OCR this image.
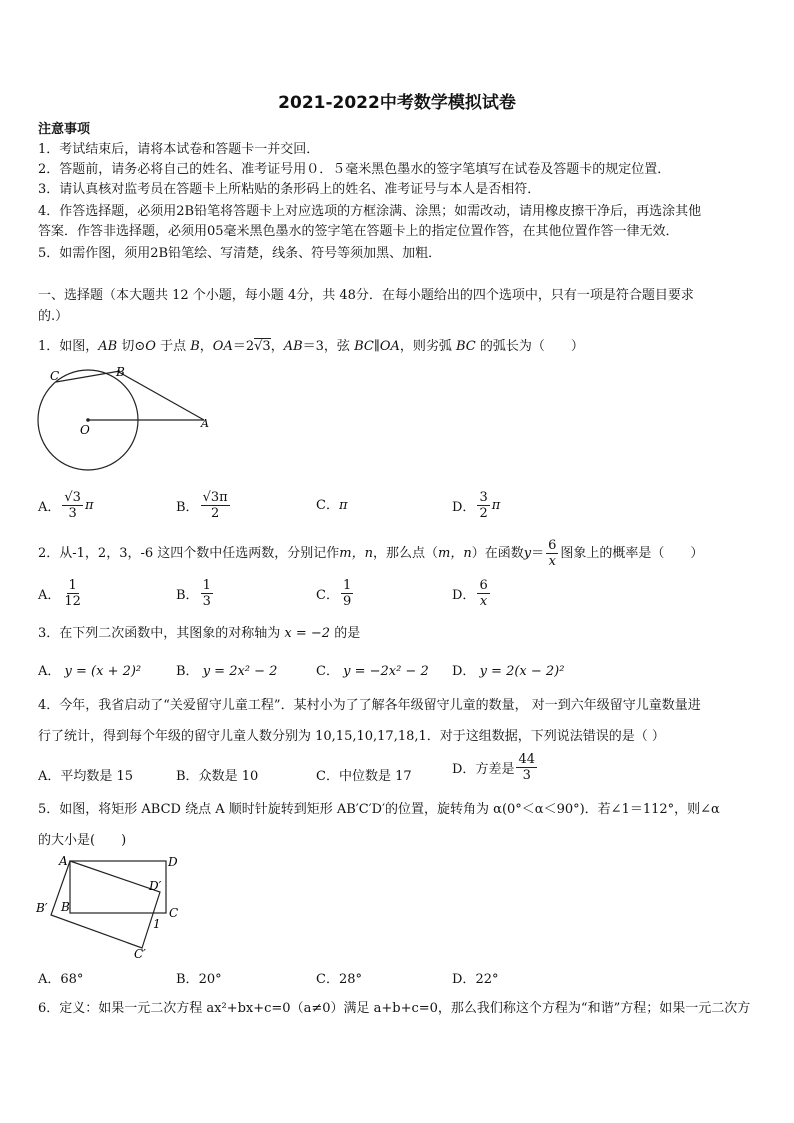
2021-2022中考数学模拟试卷
注意事项
1．考试结束后，请将本试卷和答题卡一并交回．
2．答题前，请务必将自己的姓名、准考证号用０．５毫米黑色墨水的签字笔填写在试卷及答题卡的规定位置．
3．请认真核对监考员在答题卡上所粘贴的条形码上的姓名、准考证号与本人是否相符．
4．作答选择题，必须用2B铅笔将答题卡上对应选项的方框涂满、涂黑；如需改动，请用橡皮擦干净后，再选涂其他
答案．作答非选择题，必须用05毫米黑色墨水的签字笔在答题卡上的指定位置作答，在其他位置作答一律无效．
5．如需作图，须用2B铅笔绘、写清楚，线条、符号等须加黑、加粗．
一、选择题（本大题共 12 个小题，每小题 4分，共 48分．在每小题给出的四个选项中，只有一项是符合题目要求
的.）
1．如图，AB 切⊙O 于点 B，OA＝2√3，AB＝3，弦 BC∥OA，则劣弧 BC 的弧长为（　　）
C	B
O	A
A． $\frac{√3}{3}$ π	B． $\frac{√3\pi}{2}$	C．π	D． $\frac{3}{2}$ π
2．从-1，2，3，-6 这四个数中任选两数，分别记作 m，n ，那么点（ m，n ）在函数 $y = \frac{6}{x}$ 图象上的概率是（　　）
A． $\frac{1}{12}$	B． $\frac{1}{3}$	C． $\frac{1}{9}$	D． $\frac{6}{x}$
3．在下列二次函数中，其图象的对称轴为 x = −2 的是
A． y = (x + 2)²	B． y = 2x² − 2	C． y = −2x² − 2 D． y = 2(x − 2)²
4．今年，我省启动了“关爱留守儿童工程”．某村小为了了解各年级留守儿童的数量， 对一到六年级留守儿童数量进
行了统计，得到每个年级的留守儿童人数分别为 10,15,10,17,18,1．对于这组数据，下列说法错误的是（ ）
A．平均数是 15	B．众数是 10	C．中位数是 17	D． 方差是 $\frac{44}{3}$
5．如图，将矩形 ABCD 绕点 A 顺时针旋转到矩形 AB′C′D′的位置，旋转角为 α(0°＜α＜90°)．若∠1＝112°，则∠α
的大小是(　　)
A	D
D′
B′ B	C
1
C′
A．68°	B．20°	C．28°	D．22°
6．定义：如果一元二次方程 ax²+bx+c=0（a≠0）满足 a+b+c=0，那么我们称这个方程为“和谐”方程；如果一元二次方
